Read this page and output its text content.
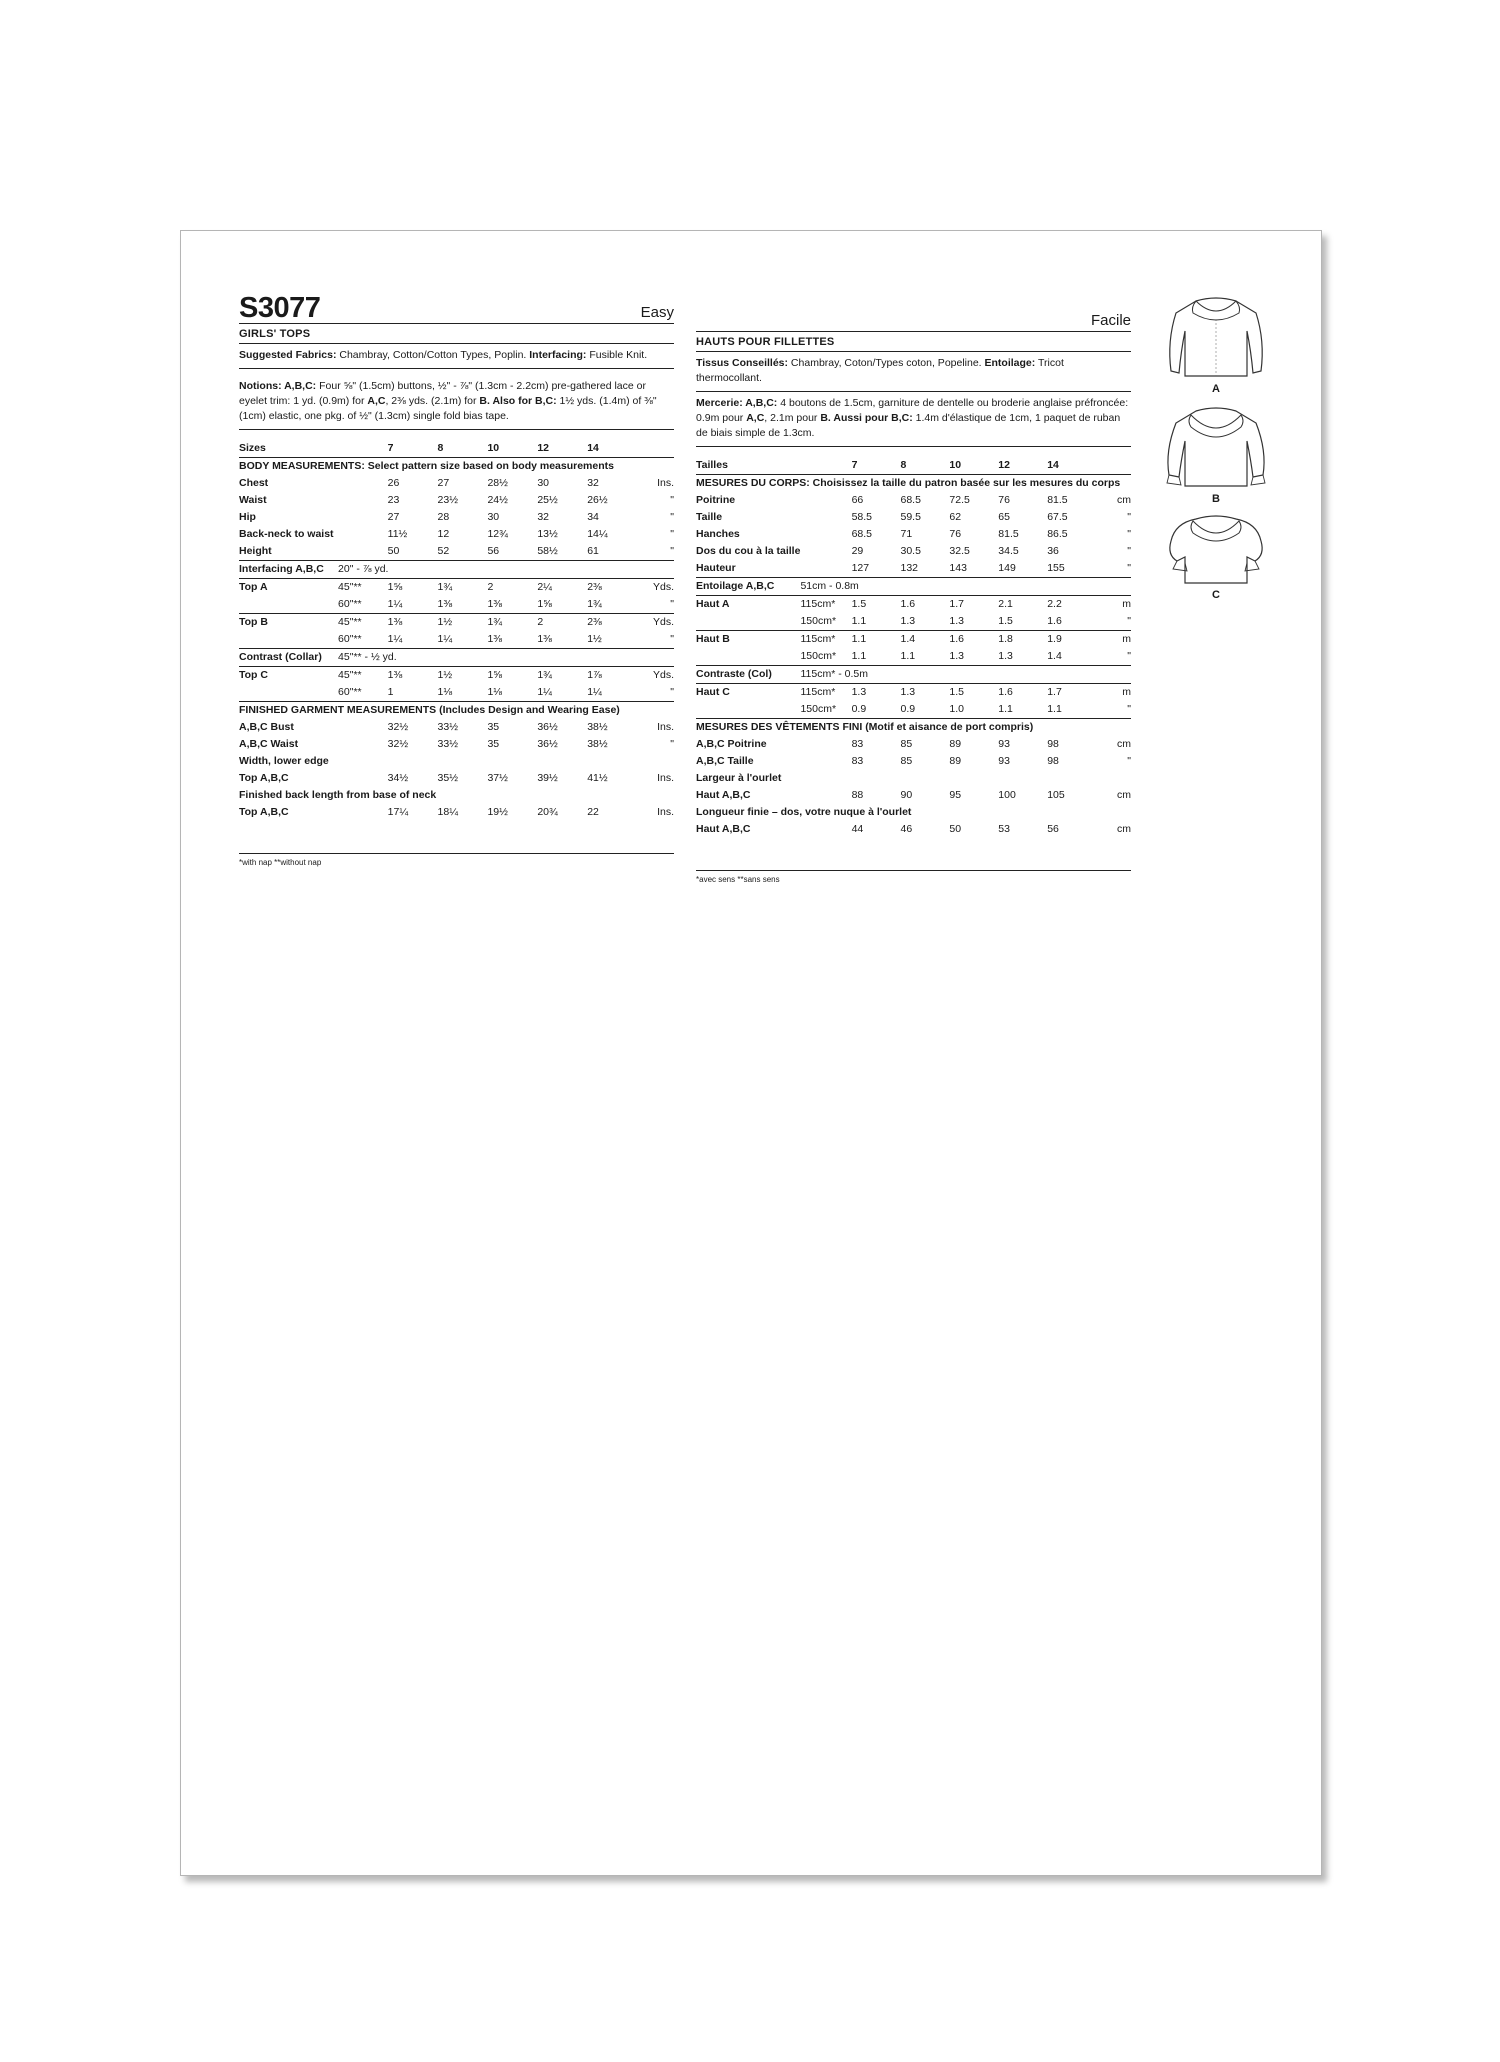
S3077	Easy
GIRLS' TOPS
Suggested Fabrics: Chambray, Cotton/Cotton Types, Poplin. Interfacing: Fusible Knit.
Notions: A,B,C: Four ⅝" (1.5cm) buttons, ½" - ⅞" (1.3cm - 2.2cm) pre-gathered lace or eyelet trim: 1 yd. (0.9m) for A,C, 2⅜ yds. (2.1m) for B. Also for B,C: 1½ yds. (1.4m) of ⅜" (1cm) elastic, one pkg. of ½" (1.3cm) single fold bias tape.
Sizes		7	8	10	12	14	
BODY MEASUREMENTS: Select pattern size based on body measurements							
Chest		26	27	28½	30	32	Ins.
Waist		23	23½	24½	25½	26½	"
Hip		27	28	30	32	34	"
Back-neck to waist		11½	12	12¾	13½	14¼	"
Height		50	52	56	58½	61	"
Interfacing A,B,C	20" - ⅞ yd.						
Top A	45"**	1⅝	1¾	2	2¼	2⅜	Yds.
	60"**	1¼	1⅜	1⅜	1⅝	1¾	"
Top B	45"**	1⅜	1½	1¾	2	2⅜	Yds.
	60"**	1¼	1¼	1⅜	1⅜	1½	"
Contrast (Collar)	45"** - ½ yd.						
Top C	45"**	1⅜	1½	1⅝	1¾	1⅞	Yds.
	60"**	1	1⅛	1⅛	1¼	1¼	"
FINISHED GARMENT MEASUREMENTS (Includes Design and Wearing Ease)							
A,B,C Bust		32½	33½	35	36½	38½	Ins.
A,B,C Waist		32½	33½	35	36½	38½	"
Width, lower edge							
Top A,B,C		34½	35½	37½	39½	41½	Ins.
Finished back length from base of neck							
Top A,B,C		17¼	18¼	19½	20¾	22	Ins.
*with nap **without nap
Facile
HAUTS POUR FILLETTES
Tissus Conseillés: Chambray, Coton/Types coton, Popeline. Entoilage: Tricot thermocollant.
Mercerie: A,B,C: 4 boutons de 1.5cm, garniture de dentelle ou broderie anglaise préfroncée: 0.9m pour A,C, 2.1m pour B. Aussi pour B,C: 1.4m d'élastique de 1cm, 1 paquet de ruban de biais simple de 1.3cm.
Tailles		7	8	10	12	14	
MESURES DU CORPS: Choisissez la taille du patron basée sur les mesures du corps							
Poitrine		66	68.5	72.5	76	81.5	cm
Taille		58.5	59.5	62	65	67.5	"
Hanches		68.5	71	76	81.5	86.5	"
Dos du cou à la taille		29	30.5	32.5	34.5	36	"
Hauteur		127	132	143	149	155	"
Entoilage A,B,C	51cm - 0.8m						
Haut A	115cm*	1.5	1.6	1.7	2.1	2.2	m
	150cm*	1.1	1.3	1.3	1.5	1.6	"
Haut B	115cm*	1.1	1.4	1.6	1.8	1.9	m
	150cm*	1.1	1.1	1.3	1.3	1.4	"
Contraste (Col)	115cm* - 0.5m						
Haut C	115cm*	1.3	1.3	1.5	1.6	1.7	m
	150cm*	0.9	0.9	1.0	1.1	1.1	"
MESURES DES VÊTEMENTS FINI (Motif et aisance de port compris)							
A,B,C Poitrine		83	85	89	93	98	cm
A,B,C Taille		83	85	89	93	98	"
Largeur à l'ourlet							
Haut A,B,C		88	90	95	100	105	cm
Longueur finie – dos, votre nuque à l'ourlet							
Haut A,B,C		44	46	50	53	56	cm
*avec sens **sans sens
A
B
C
